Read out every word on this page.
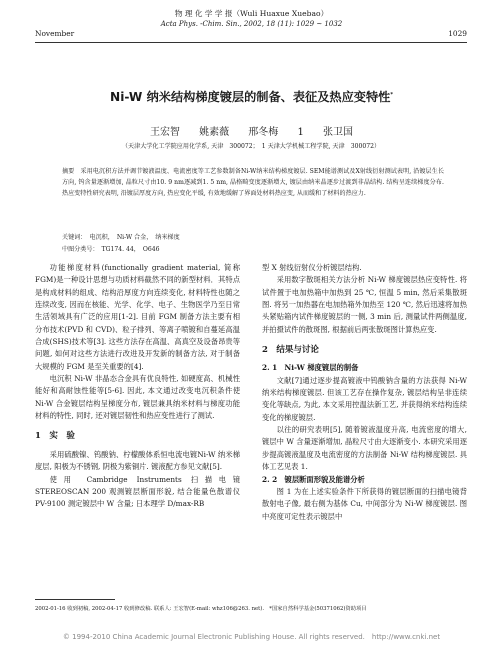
物 理 化 学 学 报（Wuli Huaxue Xuebao）
Acta Phys. -Chim. Sin., 2002, 18 (11): 1029 ~ 1032
November	1029
Ni-W 纳米结构梯度镀层的制备、表征及热应变特性*
王宏智 姚素薇 邢冬梅 1 张卫国
（天津大学化工学院应用化学系, 天津　300072；　1 天津大学机械工程学院, 天津　300072）
摘要　采用电沉积方法并调节镀液温度、电流密度等工艺参数制备Ni-W纳米结构梯度镀层. SEM能谱测试及X射线衍射测试表明, 沿镀层生长方向, 钨含量逐渐增加, 晶粒尺寸由10. 9 nm逐减到1. 5 nm, 晶格畸变度逐渐增大, 镀层由纳米晶逐步过渡到非晶结构. 结构呈连续梯度分布. 热应变特性研究表明, 沿镀层厚度方向, 热应变化平缓, 有效地缓解了界面处材料热应变, 从而缓和了材料的热应力.
关键词：　电沉积，　Ni-W 合金，　纳米梯度
中图分类号：　TG174. 44，　O646
功能梯度材料(functionally gradient material, 简称 FGM)是一种设计思想与功质材料截然不同的新型材料．其特点是构成材料的组成、结构沿厚度方向连续变化, 材料特性也随之连续改变, 因而在核能、光学、化学、电子、生物医学乃至日常生活领域具有广泛的应用[1-2]. 目前 FGM 制备方法主要有相分布技术(PVD 和 CVD)、粒子排列、等离子喷镀和自蔓延高温合成(SHS)技术等[3]. 这些方法存在高温、高真空及设备昂贵等问题, 如何对这些方法进行改进及开发新的制备方法, 对于制备大规模的 FGM 是至关重要的[4].
电沉积 Ni-W 非晶态合金具有优良特性, 如硬度高、机械性能好和高耐蚀性能等[5-6]. 因此, 本文通过改变电沉积条件使 Ni-W 合金镀层结构呈梯度分布, 镀层兼具纳米材料与梯度功能材料的特性, 同时, 还对镀层韧性和热应变性进行了测试.
1　实　验
采用硫酸镍、钨酸钠、柠檬酸体系恒电流电镀Ni-W 纳米梯度层, 阳极为不锈钢, 阴极为紫铜片. 镀液配方参见文献[5].
使用 Cambridge Instruments 扫描电镜 STEREOSCAN 200 观测镀层断面形貌, 结合能量色散谱仪 PV-9100 测定镀层中 W 含量; 日本理学 D/max-RB
型 X 射线衍射仪分析镀层结构.
采用数字散斑相关方法分析 Ni-W 梯度镀层热应变特性. 将试件置于电加热箱中加热到 25 ℃, 恒温 5 min, 然后采集散斑图. 将另一加热器在电加热箱外加热至 120 ℃, 然后迅速将加热头紧贴箱内试件梯度镀层的一侧, 3 min 后, 测量试件两侧温度, 并拍摄试件的散斑图, 根据前后两张散斑图计算热应变.
2　结果与讨论
2. 1　Ni-W 梯度镀层的制备
文献[7]通过逐步提高镀液中钨酸钠含量的方法获得 Ni-W 纳米结构梯度镀层. 但该工艺存在操作复杂, 镀层结构呈非连续变化等缺点, 为此, 本文采用控温法新工艺, 并获得纳米结构连续变化的梯度镀层.
以往的研究表明[5], 随着镀液温度升高, 电流密度的增大, 镀层中 W 含量逐渐增加, 晶粒尺寸由大逐渐变小. 本研究采用逐步提高镀液温度及电流密度的方法制备 Ni-W 结构梯度镀层. 具体工艺见表 1.
2. 2　镀层断面形貌及能谱分析
图 1 为在上述实验条件下所获得的镀层断面的扫描电镜背散射电子像, 最右侧为基体 Cu, 中间部分为 Ni-W 梯度镀层. 图中亮度可定性表示镀层中
2002-01-16 收到初稿, 2002-04-17 收到修改稿. 联系人: 王宏智(E-mail: whz106@263. net).　*国家自然科学基金(50371062)资助项目
© 1994-2010 China Academic Journal Electronic Publishing House. All rights reserved.　http://www.cnki.net
